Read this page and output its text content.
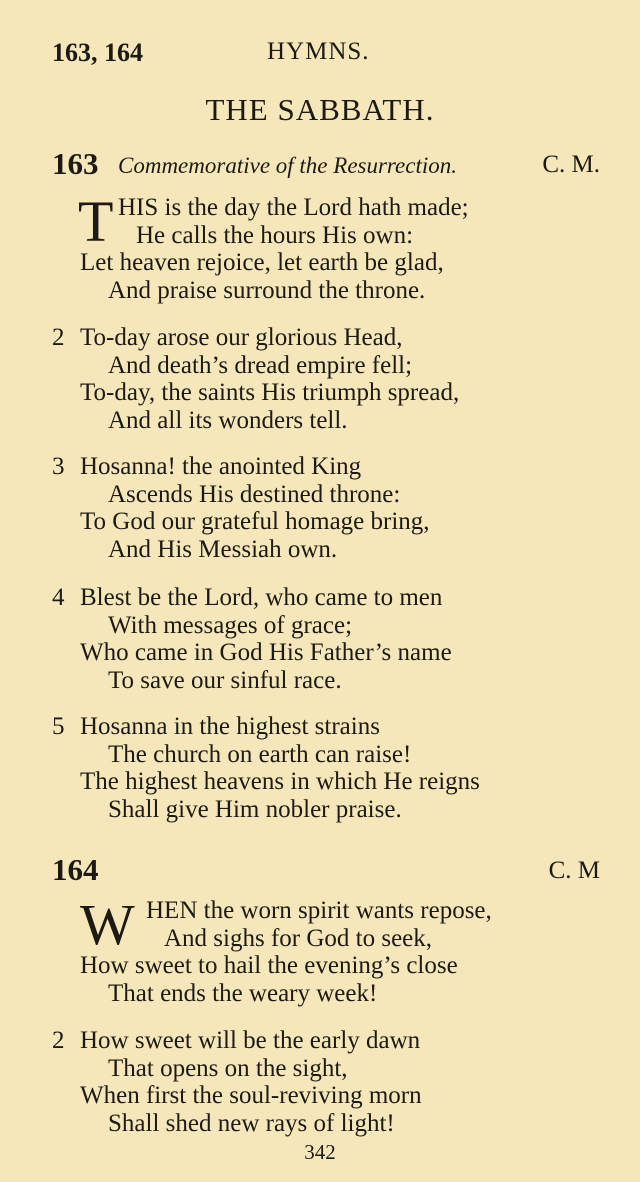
163, 164	HYMNS.
THE SABBATH.
163 Commemorative of the Resurrection.	C. M.
T HIS is the day the Lord hath made;
He calls the hours His own:
Let heaven rejoice, let earth be glad,
And praise surround the throne.
2 To-day arose our glorious Head,
And death’s dread empire fell;
To-day, the saints His triumph spread,
And all its wonders tell.
3 Hosanna! the anointed King
Ascends His destined throne:
To God our grateful homage bring,
And His Messiah own.
4 Blest be the Lord, who came to men
With messages of grace;
Who came in God His Father’s name
To save our sinful race.
5 Hosanna in the highest strains
The church on earth can raise!
The highest heavens in which He reigns
Shall give Him nobler praise.
164	C. M
W HEN the worn spirit wants repose,
And sighs for God to seek,
How sweet to hail the evening’s close
That ends the weary week!
2 How sweet will be the early dawn
That opens on the sight,
When first the soul-reviving morn
Shall shed new rays of light!
342
